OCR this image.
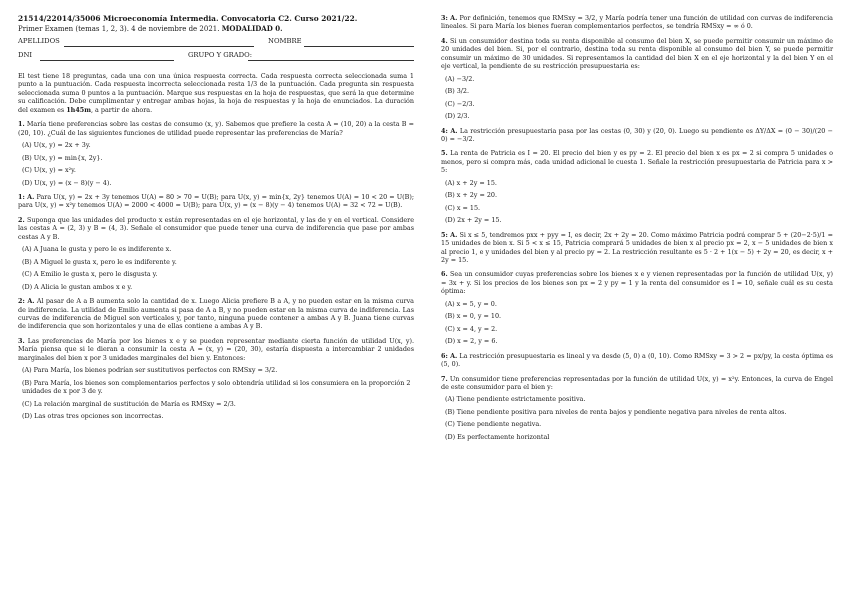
21514/22014/35006 Microeconomía Intermedia. Convocatoria C2. Curso 2021/22.
Primer Examen (temas 1, 2, 3). 4 de noviembre de 2021. MODALIDAD 0.
APELLIDOS	NOMBRE
DNI	GRUPO Y GRADO:
El test tiene 18 preguntas, cada una con una única respuesta correcta. Cada respuesta correcta seleccionada suma 1 punto a la puntuación. Cada respuesta incorrecta seleccionada resta 1/3 de la puntuación. Cada pregunta sin respuesta seleccionada suma 0 puntos a la puntuación. Marque sus respuestas en la hoja de respuestas, que será la que determine su calificación. Debe cumplimentar y entregar ambas hojas, la hoja de respuestas y la hoja de enunciados. La duración del examen es 1h45m, a partir de ahora.
1. María tiene preferencias sobre las cestas de consumo (x, y). Sabemos que prefiere la cesta A = (10, 20) a la cesta B = (20, 10). ¿Cuál de las siguientes funciones de utilidad puede representar las preferencias de María?
(A) U(x, y) = 2x + 3y.
(B) U(x, y) = min{x, 2y}.
(C) U(x, y) = x²y.
(D) U(x, y) = (x − 8)(y − 4).
1: A. Para U(x, y) = 2x + 3y tenemos U(A) = 80 > 70 = U(B); para U(x, y) = min{x, 2y} tenemos U(A) = 10 < 20 = U(B); para U(x, y) = x²y tenemos U(A) = 2000 < 4000 = U(B); para U(x, y) = (x − 8)(y − 4) tenemos U(A) = 32 < 72 = U(B).
2. Suponga que las unidades del producto x están representadas en el eje horizontal, y las de y en el vertical. Considere las cestas A = (2, 3) y B = (4, 3). Señale el consumidor que puede tener una curva de indiferencia que pase por ambas cestas A y B.
(A) A Juana le gusta y pero le es indiferente x.
(B) A Miguel le gusta x, pero le es indiferente y.
(C) A Emilio le gusta x, pero le disgusta y.
(D) A Alicia le gustan ambos x e y.
2: A. Al pasar de A a B aumenta solo la cantidad de x. Luego Alicia prefiere B a A, y no pueden estar en la misma curva de indiferencia. La utilidad de Emilio aumenta si pasa de A a B, y no pueden estar en la misma curva de indiferencia. Las curvas de indiferencia de Miguel son verticales y, por tanto, ninguna puede contener a ambas A y B. Juana tiene curvas de indiferencia que son horizontales y una de ellas contiene a ambas A y B.
3. Las preferencias de María por los bienes x e y se pueden representar mediante cierta función de utilidad U(x, y). María piensa que si le dieran a consumir la cesta A = (x, y) = (20, 30), estaría dispuesta a intercambiar 2 unidades marginales del bien x por 3 unidades marginales del bien y. Entonces:
(A) Para María, los bienes podrían ser sustitutivos perfectos con RMSxy = 3/2.
(B) Para María, los bienes son complementarios perfectos y solo obtendría utilidad si los consumiera en la proporción 2 unidades de x por 3 de y.
(C) La relación marginal de sustitución de María es RMSxy = 2/3.
(D) Las otras tres opciones son incorrectas.
3: A. Por definición, tenemos que RMSxy = 3/2, y María podría tener una función de utilidad con curvas de indiferencia lineales. Si para María los bienes fueran complementarios perfectos, se tendría RMSxy = ∞ ó 0.
4. Si un consumidor destina toda su renta disponible al consumo del bien X, se puede permitir consumir un máximo de 20 unidades del bien. Si, por el contrario, destina toda su renta disponible al consumo del bien Y, se puede permitir consumir un máximo de 30 unidades. Si representamos la cantidad del bien X en el eje horizontal y la del bien Y en el eje vertical, la pendiente de su restricción presupuestaria es:
(A) −3/2.
(B) 3/2.
(C) −2/3.
(D) 2/3.
4: A. La restricción presupuestaria pasa por las cestas (0, 30) y (20, 0). Luego su pendiente es ΔY/ΔX = (0 − 30)/(20 − 0) = −3/2.
5. La renta de Patricia es I = 20. El precio del bien y es py = 2. El precio del bien x es px = 2 si compra 5 unidades o menos, pero si compra más, cada unidad adicional le cuesta 1. Señale la restricción presupuestaria de Patricia para x > 5:
(A) x + 2y = 15.
(B) x + 2y = 20.
(C) x = 15.
(D) 2x + 2y = 15.
5: A. Si x ≤ 5, tendremos pxx + pyy = I, es decir, 2x + 2y = 20. Como máximo Patricia podrá comprar 5 + (20−2·5)/1 = 15 unidades de bien x. Si 5 < x ≤ 15, Patricia comprará 5 unidades de bien x al precio px = 2, x − 5 unidades de bien x al precio 1, e y unidades del bien y al precio py = 2. La restricción resultante es 5 · 2 + 1(x − 5) + 2y = 20, es decir, x + 2y = 15.
6. Sea un consumidor cuyas preferencias sobre los bienes x e y vienen representadas por la función de utilidad U(x, y) = 3x + y. Si los precios de los bienes son px = 2 y py = 1 y la renta del consumidor es I = 10, señale cuál es su cesta óptima:
(A) x = 5, y = 0.
(B) x = 0, y = 10.
(C) x = 4, y = 2.
(D) x = 2, y = 6.
6: A. La restricción presupuestaria es lineal y va desde (5, 0) a (0, 10). Como RMSxy = 3 > 2 = px/py, la cesta óptima es (5, 0).
7. Un consumidor tiene preferencias representadas por la función de utilidad U(x, y) = x²y. Entonces, la curva de Engel de este consumidor para el bien y:
(A) Tiene pendiente estrictamente positiva.
(B) Tiene pendiente positiva para niveles de renta bajos y pendiente negativa para niveles de renta altos.
(C) Tiene pendiente negativa.
(D) Es perfectamente horizontal
